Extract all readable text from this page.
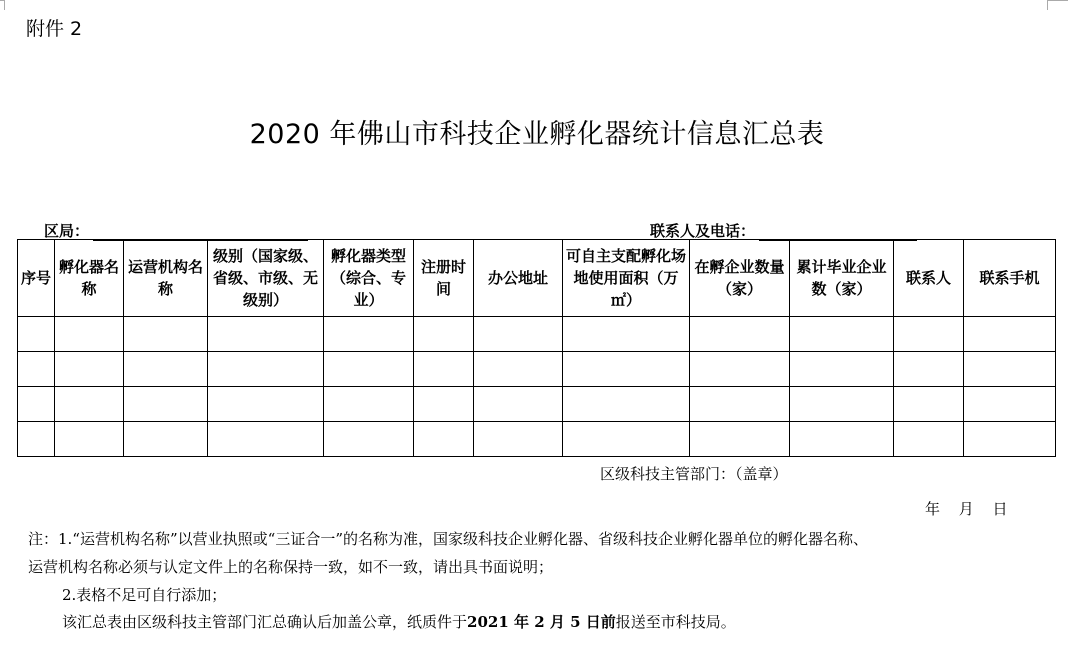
附件 2
2020 年佛山市科技企业孵化器统计信息汇总表
区局：	联系人及电话：
序号	孵化器名称	运营机构名称	级别（国家级、省级、市级、无级别）	孵化器类型（综合、专业）	注册时间	办公地址	可自主支配孵化场地使用面积（万㎡）	在孵企业数量（家）	累计毕业企业数（家）	联系人	联系手机

区级科技主管部门：（盖章）
年 月 日
注：1.“运营机构名称”以营业执照或“三证合一”的名称为准，国家级科技企业孵化器、省级科技企业孵化器单位的孵化器名称、
运营机构名称必须与认定文件上的名称保持一致，如不一致，请出具书面说明；
2.表格不足可自行添加；
该汇总表由区级科技主管部门汇总确认后加盖公章，纸质件于2021 年 2 月 5 日前报送至市科技局。
